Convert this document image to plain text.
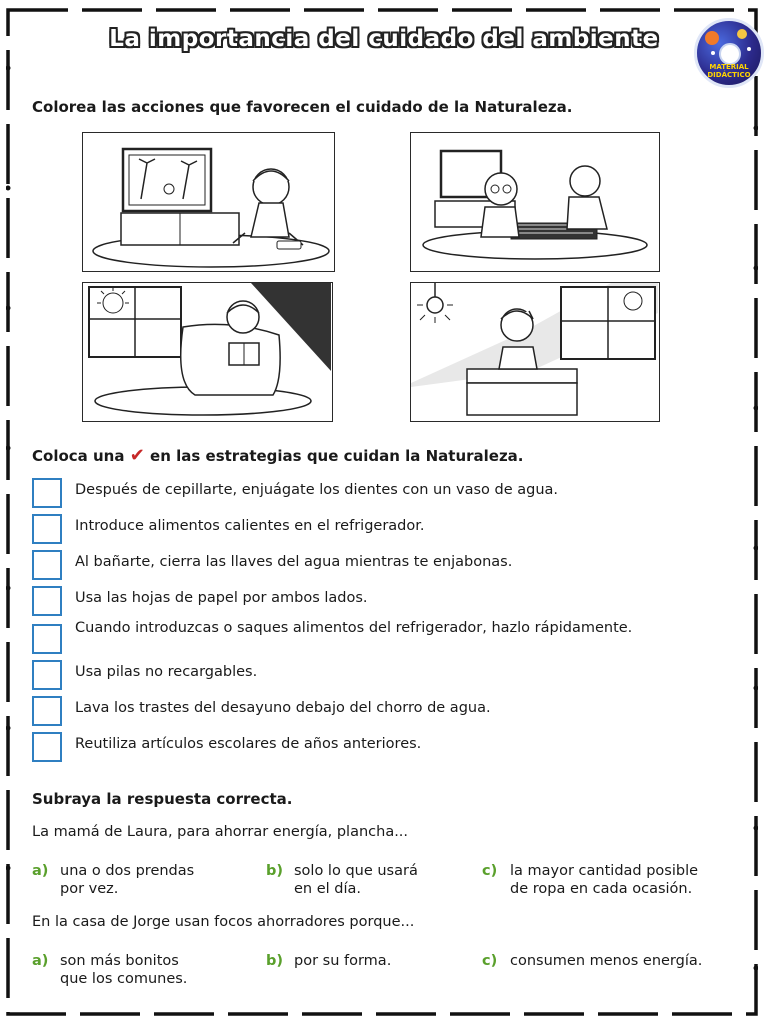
La importancia del cuidado del ambiente
MATERIAL DIDÁCTICO
Colorea las acciones que favorecen el cuidado de la Naturaleza.
Coloca una ✔ en las estrategias que cuidan la Naturaleza.
Después de cepillarte, enjuágate los dientes con un vaso de agua.
Introduce alimentos calientes en el refrigerador.
Al bañarte, cierra las llaves del agua mientras te enjabonas.
Usa las hojas de papel por ambos lados.
Cuando introduzcas o saques alimentos del refrigerador, hazlo rápidamente.
Usa pilas no recargables.
Lava los trastes del desayuno debajo del chorro de agua.
Reutiliza artículos escolares de años anteriores.
Subraya la respuesta correcta.
La mamá de Laura, para ahorrar energía, plancha...
a) una o dos prendas
por vez.
b) solo lo que usará
en el día.
c) la mayor cantidad posible
de ropa en cada ocasión.
En la casa de Jorge usan focos ahorradores porque...
a) son más bonitos
que los comunes.
b) por su forma.	c) consumen menos energía.
